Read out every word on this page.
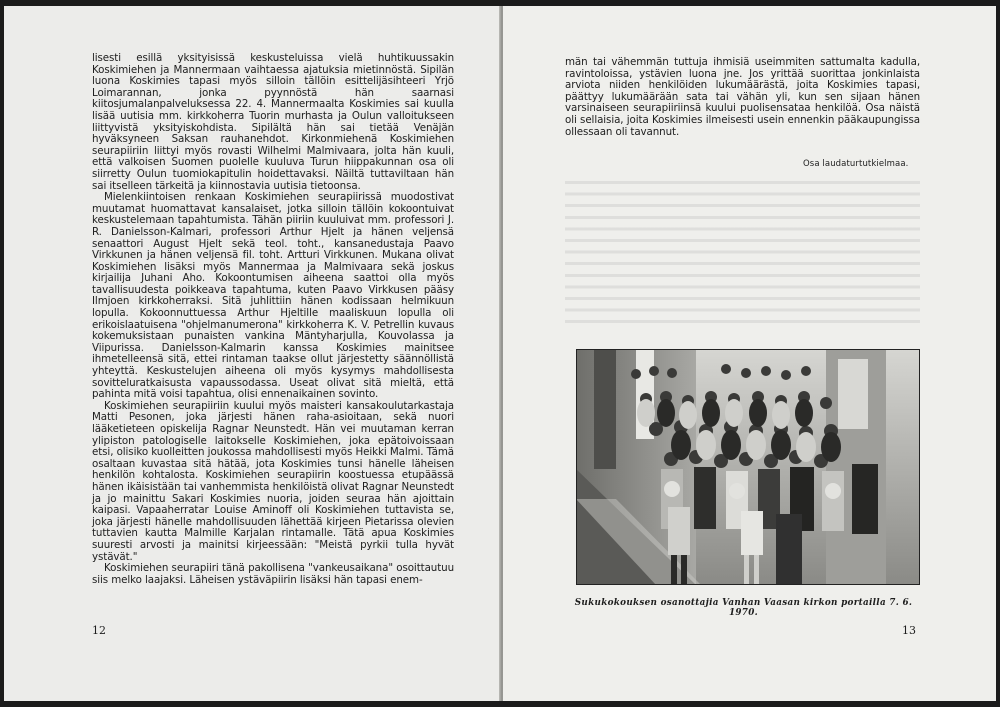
lisesti esillä yksityisissä keskusteluissa vielä huhtikuussakin Koskimiehen ja Mannermaan vaihtaessa ajatuksia mietinnöstä. Sipilän luona Koskimies tapasi myös silloin tällöin esittelijäsihteeri Yrjö Loimarannan, jonka pyynnöstä hän saarnasi kiitosjumalanpalveluksessa 22. 4. Mannermaalta Koskimies sai kuulla lisää uutisia mm. kirkkoherra Tuorin murhasta ja Oulun valloitukseen liittyvistä yksityiskohdista. Sipilältä hän sai tietää Venäjän hyväksyneen Saksan rauhanehdot. Kirkonmiehenä Koskimiehen seurapiiriin liittyi myös rovasti Wilhelmi Malmivaara, jolta hän kuuli, että valkoisen Suomen puolelle kuuluva Turun hiippakunnan osa oli siirretty Oulun tuomiokapitulin hoidettavaksi. Näiltä tuttaviltaan hän sai itselleen tärkeitä ja kiinnostavia uutisia tietoonsa.

Mielenkiintoisen renkaan Koskimiehen seurapiirissä muodostivat muutamat huomattavat kansalaiset, jotka silloin tällöin kokoontuivat keskustelemaan tapahtumista. Tähän piiriin kuuluivat mm. professori J. R. Danielsson-Kalmari, professori Arthur Hjelt ja hänen veljensä senaattori August Hjelt sekä teol. toht., kansanedustaja Paavo Virkkunen ja hänen veljensä fil. toht. Artturi Virkkunen. Mukana olivat Koskimiehen lisäksi myös Mannermaa ja Malmivaara sekä joskus kirjailija Juhani Aho. Kokoontumisen aiheena saattoi olla myös tavallisuudesta poikkeava tapahtuma, kuten Paavo Virkkusen pääsy Ilmjoen kirkkoherraksi. Sitä juhlittiin hänen kodissaan helmikuun lopulla. Kokoonnuttuessa Arthur Hjeltille maaliskuun lopulla oli erikoislaatuisena "ohjelmanumerona" kirkkoherra K. V. Petrellin kuvaus kokemuksistaan punaisten vankina Mäntyharjulla, Kouvolassa ja Viipurissa. Danielsson-Kalmarin kanssa Koskimies mainitsee ihmetelleensä sitä, ettei rintaman taakse ollut järjestetty säännöllistä yhteyttä. Keskustelujen aiheena oli myös kysymys mahdollisesta sovitteluratkaisusta vapaussodassa. Useat olivat sitä mieltä, että pahinta mitä voisi tapahtua, olisi ennenaikainen sovinto.

Koskimiehen seurapiiriin kuului myös maisteri kansakoulutarkastaja Matti Pesonen, joka järjesti hänen raha-asioitaan, sekä nuori lääketieteen opiskelija Ragnar Neunstedt. Hän vei muutaman kerran ylipiston patologiselle laitokselle Koskimiehen, joka epätoivoissaan etsi, olisiko kuolleitten joukossa mahdollisesti myös Heikki Malmi. Tämä osaltaan kuvastaa sitä hätää, jota Koskimies tunsi hänelle läheisen henkilön kohtalosta. Koskimiehen seurapiirin koostuessa etupäässä hänen ikäisistään tai vanhemmista henkilöistä olivat Ragnar Neunstedt ja jo mainittu Sakari Koskimies nuoria, joiden seuraa hän ajoittain kaipasi. Vapaaherratar Louise Aminoff oli Koskimiehen tuttavista se, joka järjesti hänelle mahdollisuuden lähettää kirjeen Pietarissa olevien tuttavien kautta Malmille Karjalan rintamalle. Tätä apua Koskimies suuresti arvosti ja mainitsi kirjeessään: "Meistä pyrkii tulla hyvät ystävät."

Koskimiehen seurapiiri tänä pakollisena "vankeusaikana" osoittautuu siis melko laajaksi. Läheisen ystäväpiirin lisäksi hän tapasi enem-

12

män tai vähemmän tuttuja ihmisiä useimmiten sattumalta kadulla, ravintoloissa, ystävien luona jne. Jos yrittää suorittaa jonkinlaista arviota niiden henkilöiden lukumäärästä, joita Koskimies tapasi, päättyy lukumäärään sata tai vähän yli, kun sen sijaan hänen varsinaiseen seurapiiriinsä kuului puolisensataa henkilöä. Osa näistä oli sellaisia, joita Koskimies ilmeisesti usein ennenkin pääkaupungissa ollessaan oli tavannut.

Osa laudaturtutkielmaa.
Sukukokouksen osanottajia Vanhan Vaasan kirkon portailla 7. 6. 1970.
13
